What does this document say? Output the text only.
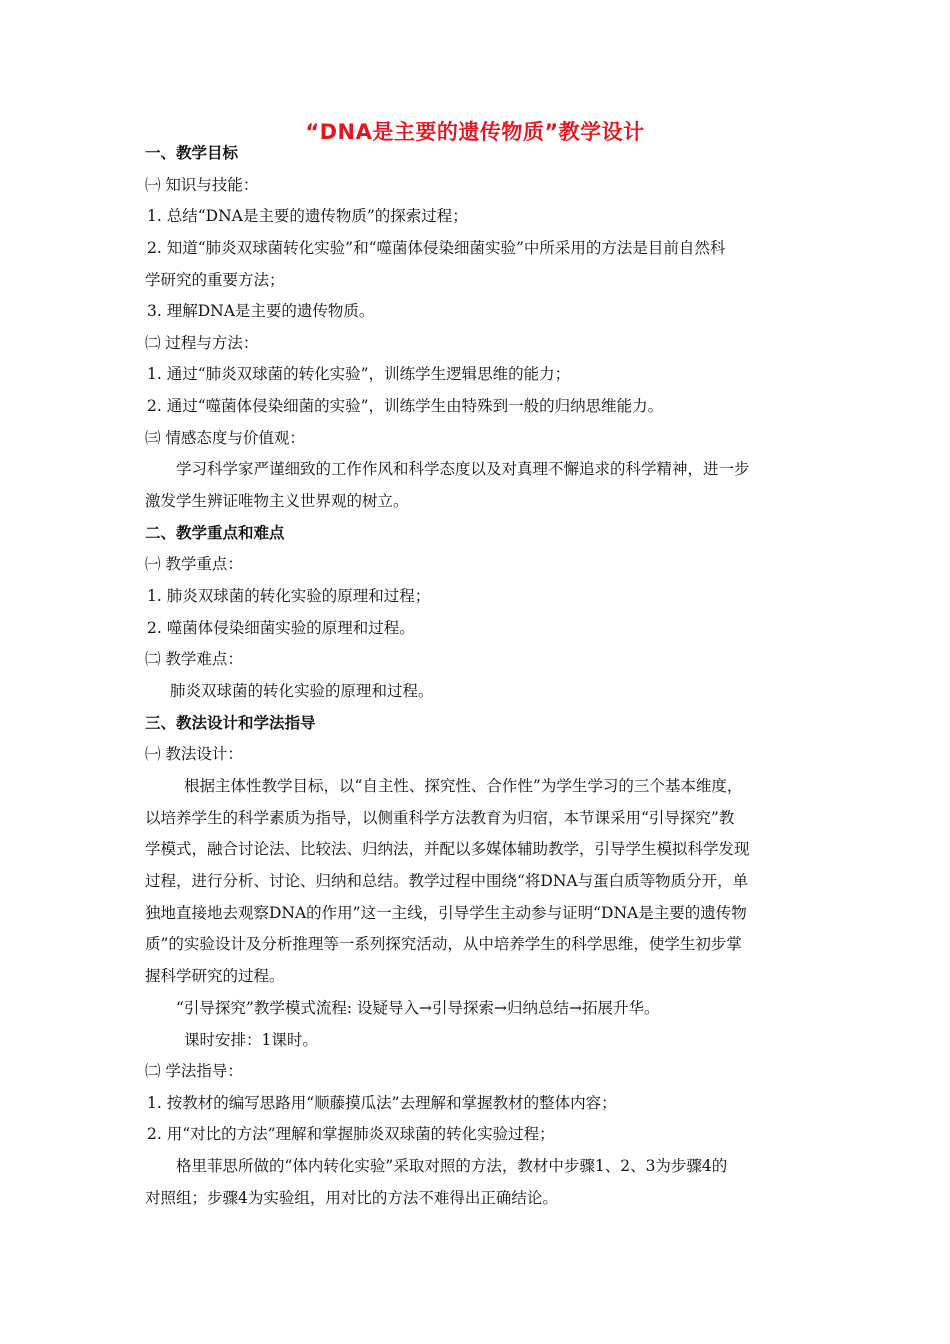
“DNA是主要的遗传物质”教学设计
一、教学目标
㈠ 知识与技能：
1. 总结“DNA是主要的遗传物质”的探索过程；
2. 知道“肺炎双球菌转化实验”和“噬菌体侵染细菌实验”中所采用的方法是目前自然科
学研究的重要方法；
3. 理解DNA是主要的遗传物质。
㈡ 过程与方法：
1. 通过“肺炎双球菌的转化实验”，训练学生逻辑思维的能力；
2. 通过“噬菌体侵染细菌的实验”，训练学生由特殊到一般的归纳思维能力。
㈢ 情感态度与价值观：
学习科学家严谨细致的工作作风和科学态度以及对真理不懈追求的科学精神，进一步
激发学生辨证唯物主义世界观的树立。
二、教学重点和难点
㈠ 教学重点：
1. 肺炎双球菌的转化实验的原理和过程；
2. 噬菌体侵染细菌实验的原理和过程。
㈡ 教学难点：
肺炎双球菌的转化实验的原理和过程。
三、教法设计和学法指导
㈠ 教法设计：
根据主体性教学目标，以“自主性、探究性、合作性”为学生学习的三个基本维度，
以培养学生的科学素质为指导，以侧重科学方法教育为归宿，本节课采用“引导探究”教
学模式，融合讨论法、比较法、归纳法，并配以多媒体辅助教学，引导学生模拟科学发现
过程，进行分析、讨论、归纳和总结。教学过程中围绕“将DNA与蛋白质等物质分开，单
独地直接地去观察DNA的作用”这一主线，引导学生主动参与证明“DNA是主要的遗传物
质”的实验设计及分析推理等一系列探究活动，从中培养学生的科学思维，使学生初步掌
握科学研究的过程。
“引导探究”教学模式流程: 设疑导入→引导探索→归纳总结→拓展升华。
课时安排：1课时。
㈡ 学法指导：
1. 按教材的编写思路用“顺藤摸瓜法”去理解和掌握教材的整体内容；
2. 用“对比的方法”理解和掌握肺炎双球菌的转化实验过程；
格里菲思所做的“体内转化实验”采取对照的方法，教材中步骤1、2、3为步骤4的
对照组；步骤4为实验组，用对比的方法不难得出正确结论。
